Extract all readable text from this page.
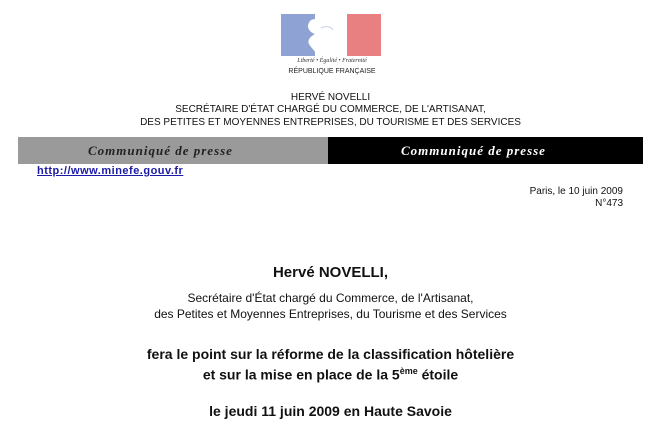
Liberté • Égalité • Fraternité
RÉPUBLIQUE FRANÇAISE
HERVÉ NOVELLI
SECRÉTAIRE D'ÉTAT CHARGÉ DU COMMERCE, DE L'ARTISANAT,
DES PETITES ET MOYENNES ENTREPRISES, DU TOURISME ET DES SERVICES
Communiqué de presse	Communiqué de presse
http://www.minefe.gouv.fr
Paris, le 10 juin 2009
N°473
Hervé NOVELLI,
Secrétaire d'État chargé du Commerce, de l'Artisanat,
des Petites et Moyennes Entreprises, du Tourisme et des Services
fera le point sur la réforme de la classification hôtelière
et sur la mise en place de la 5ème étoile
le jeudi 11 juin 2009 en Haute Savoie
